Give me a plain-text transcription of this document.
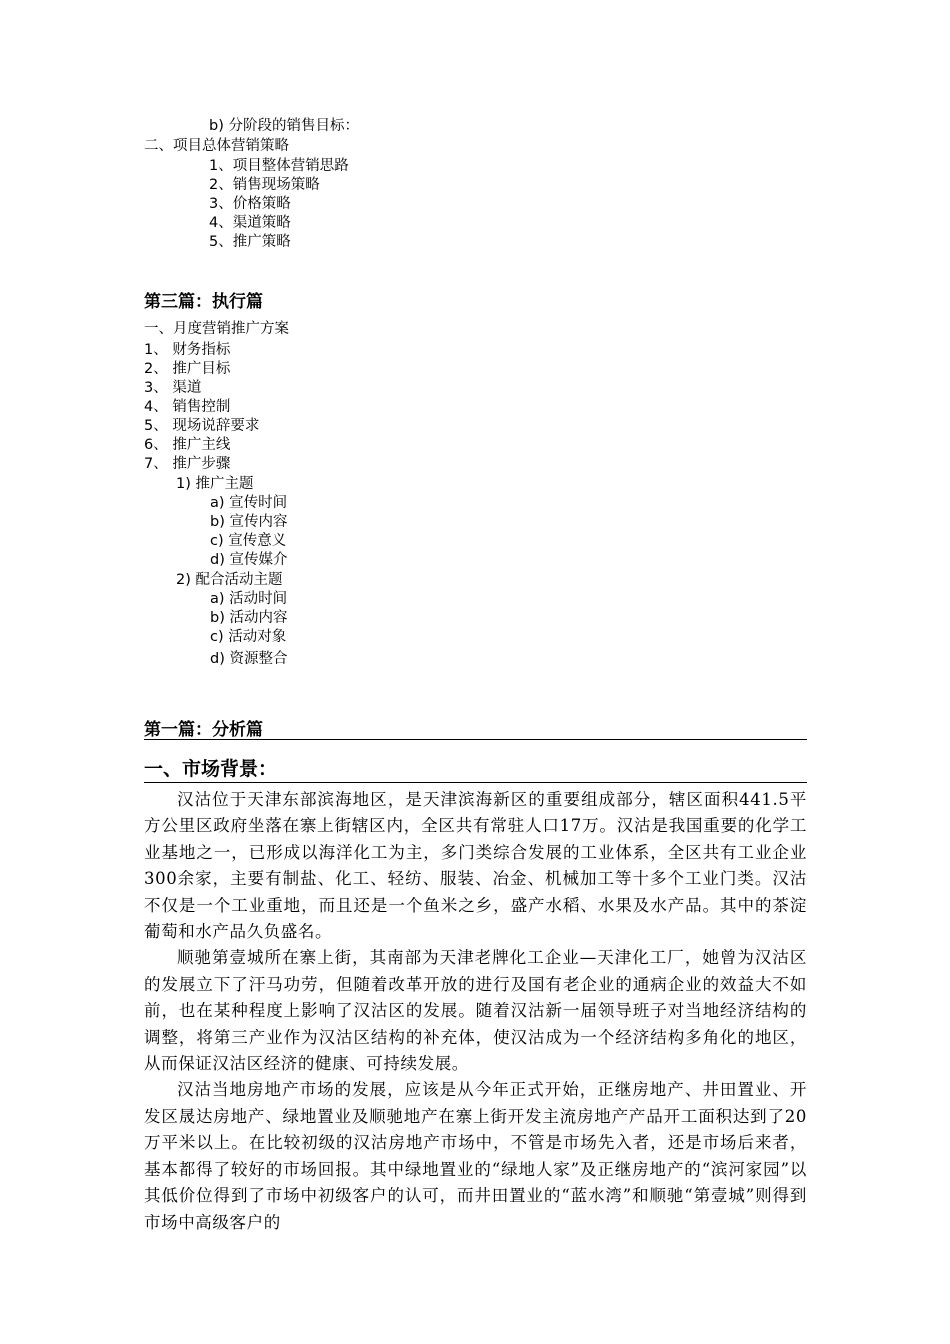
b) 分阶段的销售目标：
二、项目总体营销策略
1、项目整体营销思路
2、销售现场策略
3、价格策略
4、渠道策略
5、推广策略
第三篇：执行篇
一、月度营销推广方案
1、 财务指标
2、 推广目标
3、 渠道
4、 销售控制
5、 现场说辞要求
6、 推广主线
7、 推广步骤
1) 推广主题
a) 宣传时间
b) 宣传内容
c) 宣传意义
d) 宣传媒介
2) 配合活动主题
a) 活动时间
b) 活动内容
c) 活动对象
d) 资源整合
第一篇：分析篇
一、市场背景：

汉沽位于天津东部滨海地区，是天津滨海新区的重要组成部分，辖区面积441.5平方公里区政府坐落在寨上街辖区内，全区共有常驻人口17万。汉沽是我国重要的化学工业基地之一，已形成以海洋化工为主，多门类综合发展的工业体系，全区共有工业企业300余家，主要有制盐、化工、轻纺、服装、冶金、机械加工等十多个工业门类。汉沽不仅是一个工业重地，而且还是一个鱼米之乡，盛产水稻、水果及水产品。其中的茶淀葡萄和水产品久负盛名。

顺驰第壹城所在寨上街，其南部为天津老牌化工企业—天津化工厂，她曾为汉沽区的发展立下了汗马功劳，但随着改革开放的进行及国有老企业的通病企业的效益大不如前，也在某种程度上影响了汉沽区的发展。随着汉沽新一届领导班子对当地经济结构的调整，将第三产业作为汉沽区结构的补充体，使汉沽成为一个经济结构多角化的地区，从而保证汉沽区经济的健康、可持续发展。

汉沽当地房地产市场的发展，应该是从今年正式开始，正继房地产、井田置业、开发区晟达房地产、绿地置业及顺驰地产在寨上街开发主流房地产产品开工面积达到了20万平米以上。在比较初级的汉沽房地产市场中，不管是市场先入者，还是市场后来者，基本都得了较好的市场回报。其中绿地置业的“绿地人家”及正继房地产的“滨河家园”以其低价位得到了市场中初级客户的认可，而井田置业的“蓝水湾”和顺驰“第壹城”则得到市场中高级客户的
